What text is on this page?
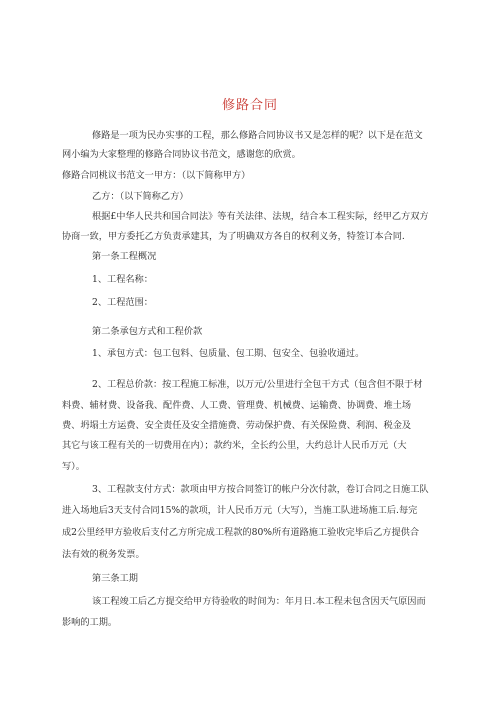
修路合同
修路是一项为民办实事的工程，那么修路合同协议书又是怎样的呢？以下是在范文
网小编为大家整理的修路合同协议书范文，感谢您的欣赏。
修路合同桃议书范文一甲方：（以下简称甲方）
乙方：（以下简称乙方）
根据£中华人民共和国合同法》等有关法律、法规，结合本工程实际，经甲乙方双方
协商一致，甲方委托乙方负责承建其，为了明确双方各自的权利义务，特签订本合同.
第一条工程概况
1、工程名称：
2、工程范围：
第二条承包方式和工程价款
1、承包方式：包工包料、包质量、包工期、包安全、包验收通过。
2、工程总价款：按工程施工标准，以万元/公里进行全包干方式（包含但不限于材
料费、辅材费、设备我、配件费、人工费、管理费、机械费、运输费、协调费、堆土场
费、坍塌土方运费、安全责任及安全措施费、劳动保护费、有关保险费、利润、税金及
其它与该工程有关的一切费用在内）；款约米，全长约公里，大约总计人民币万元（大
写）。
3、工程款支付方式：款项由甲方按合同签订的帐户分次付款，卷订合同之日施工队
进入场地后3天支付合同15%的款项，计人民币万元（大写），当施工队进场施工后.每完
成2公里经甲方验收后支付乙方所完成工程款的80%所有道路施工验收完毕后乙方提供合
法有效的税务发票。
第三条工期
该工程竣工后乙方提交给甲方待验收的时间为：年月日.本工程未包含因天气原因而
影响的工期。
